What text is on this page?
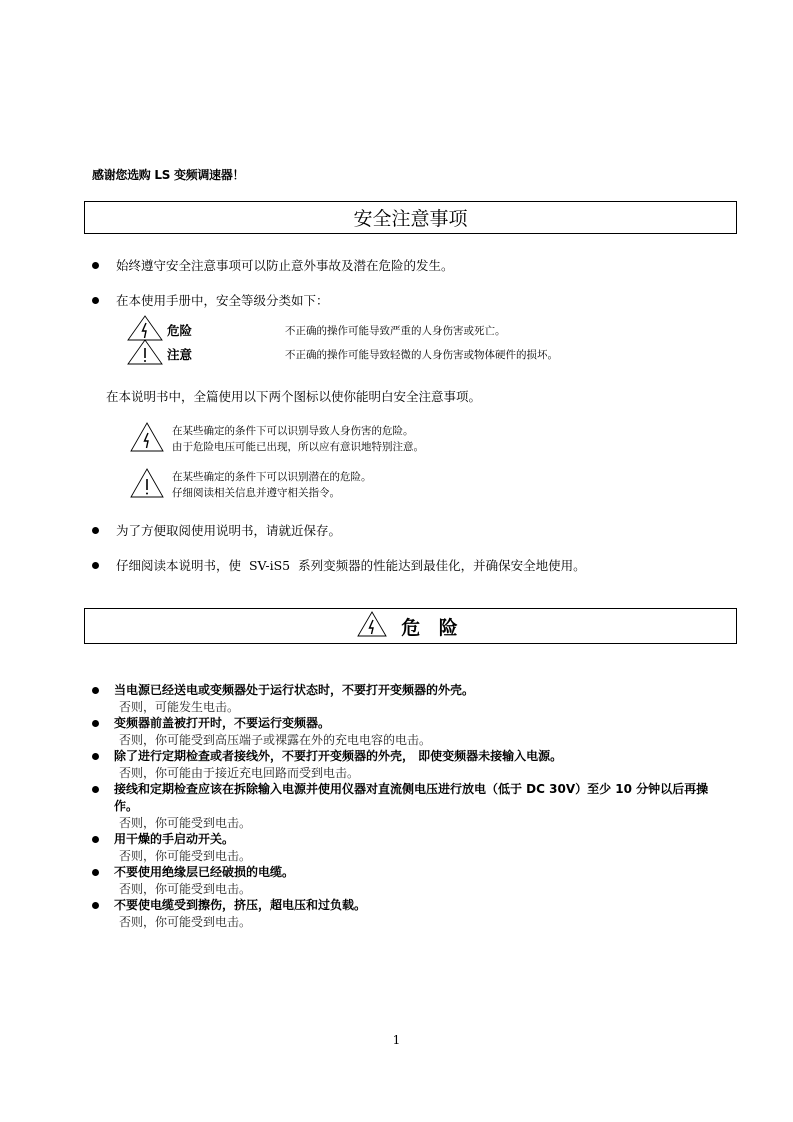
感谢您选购 LS 变频调速器！
安全注意事项
始终遵守安全注意事项可以防止意外事故及潜在危险的发生。
在本使用手册中，安全等级分类如下：
危险	不正确的操作可能导致严重的人身伤害或死亡。
注意	不正确的操作可能导致轻微的人身伤害或物体硬件的损坏。
在本说明书中，全篇使用以下两个图标以使你能明白安全注意事项。
在某些确定的条件下可以识别导致人身伤害的危险。
由于危险电压可能已出现，所以应有意识地特别注意。
在某些确定的条件下可以识别潜在的危险。
仔细阅读相关信息并遵守相关指令。
为了方便取阅使用说明书，请就近保存。
仔细阅读本说明书，使  SV-iS5  系列变频器的性能达到最佳化，并确保安全地使用。
危 险
当电源已经送电或变频器处于运行状态时，不要打开变频器的外壳。
否则，可能发生电击。
变频器前盖被打开时，不要运行变频器。
否则，你可能受到高压端子或裸露在外的充电电容的电击。
除了进行定期检查或者接线外，不要打开变频器的外壳， 即使变频器未接输入电源。
否则，你可能由于接近充电回路而受到电击。
接线和定期检查应该在拆除输入电源并使用仪器对直流侧电压进行放电（低于 DC 30V）至少 10 分钟以后再操作。
否则，你可能受到电击。
用干燥的手启动开关。
否则，你可能受到电击。
不要使用绝缘层已经破损的电缆。
否则，你可能受到电击。
不要使电缆受到擦伤，挤压，超电压和过负载。
否则，你可能受到电击。
1
